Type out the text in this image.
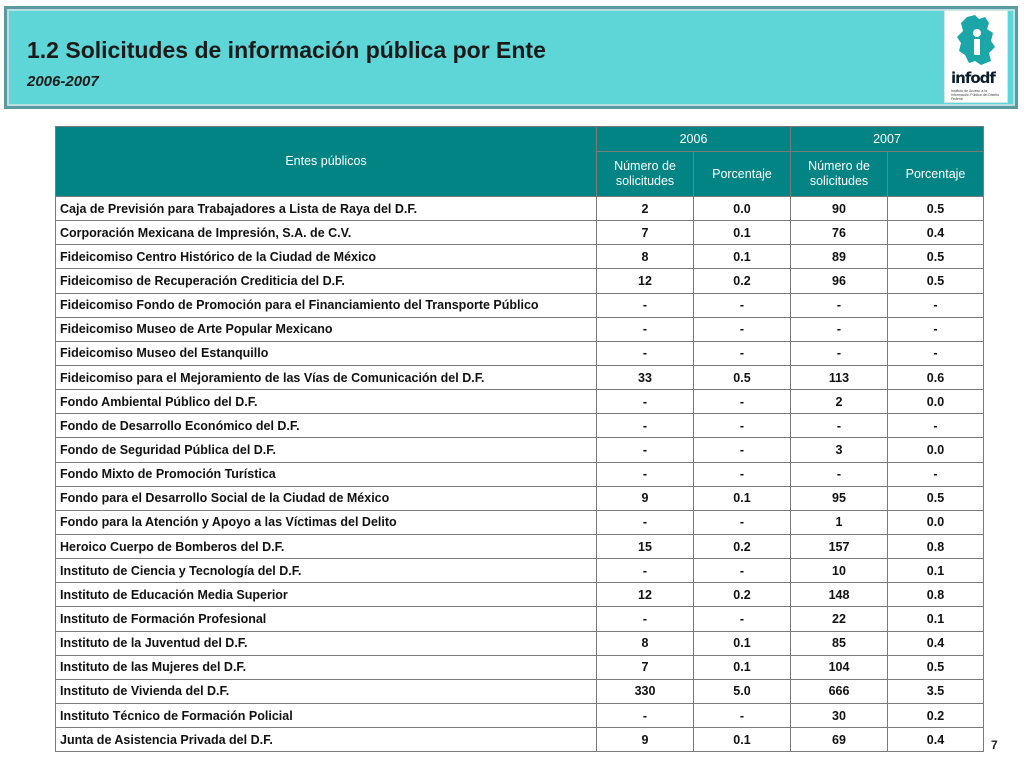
1.2 Solicitudes de información pública por Ente
2006-2007	infodf
Instituto de Acceso a la Información Pública del Distrito Federal
Entes públicos	2006		2007	
	Número de solicitudes	Porcentaje	Número de solicitudes	Porcentaje
Caja de Previsión para Trabajadores a Lista de Raya del D.F.	2	0.0	90	0.5
Corporación Mexicana de Impresión, S.A. de C.V.	7	0.1	76	0.4
Fideicomiso Centro Histórico de la Ciudad de México	8	0.1	89	0.5
Fideicomiso de Recuperación Crediticia del D.F.	12	0.2	96	0.5
Fideicomiso Fondo de Promoción para el Financiamiento del Transporte Público	-	-	-	-
Fideicomiso Museo de Arte Popular Mexicano	-	-	-	-
Fideicomiso Museo del Estanquillo	-	-	-	-
Fideicomiso para el Mejoramiento de las Vías de Comunicación del D.F.	33	0.5	113	0.6
Fondo Ambiental Público del D.F.	-	-	2	0.0
Fondo de Desarrollo Económico del D.F.	-	-	-	-
Fondo de Seguridad Pública del D.F.	-	-	3	0.0
Fondo Mixto de Promoción Turística	-	-	-	-
Fondo para el Desarrollo Social de la Ciudad de México	9	0.1	95	0.5
Fondo para la Atención y Apoyo a las Víctimas del Delito	-	-	1	0.0
Heroico Cuerpo de Bomberos del D.F.	15	0.2	157	0.8
Instituto de Ciencia y Tecnología del D.F.	-	-	10	0.1
Instituto de Educación Media Superior	12	0.2	148	0.8
Instituto de Formación Profesional	-	-	22	0.1
Instituto de la Juventud del D.F.	8	0.1	85	0.4
Instituto de las Mujeres del D.F.	7	0.1	104	0.5
Instituto de Vivienda del D.F.	330	5.0	666	3.5
Instituto Técnico de Formación Policial	-	-	30	0.2
Junta de Asistencia Privada del D.F.	9	0.1	69	0.4	7
